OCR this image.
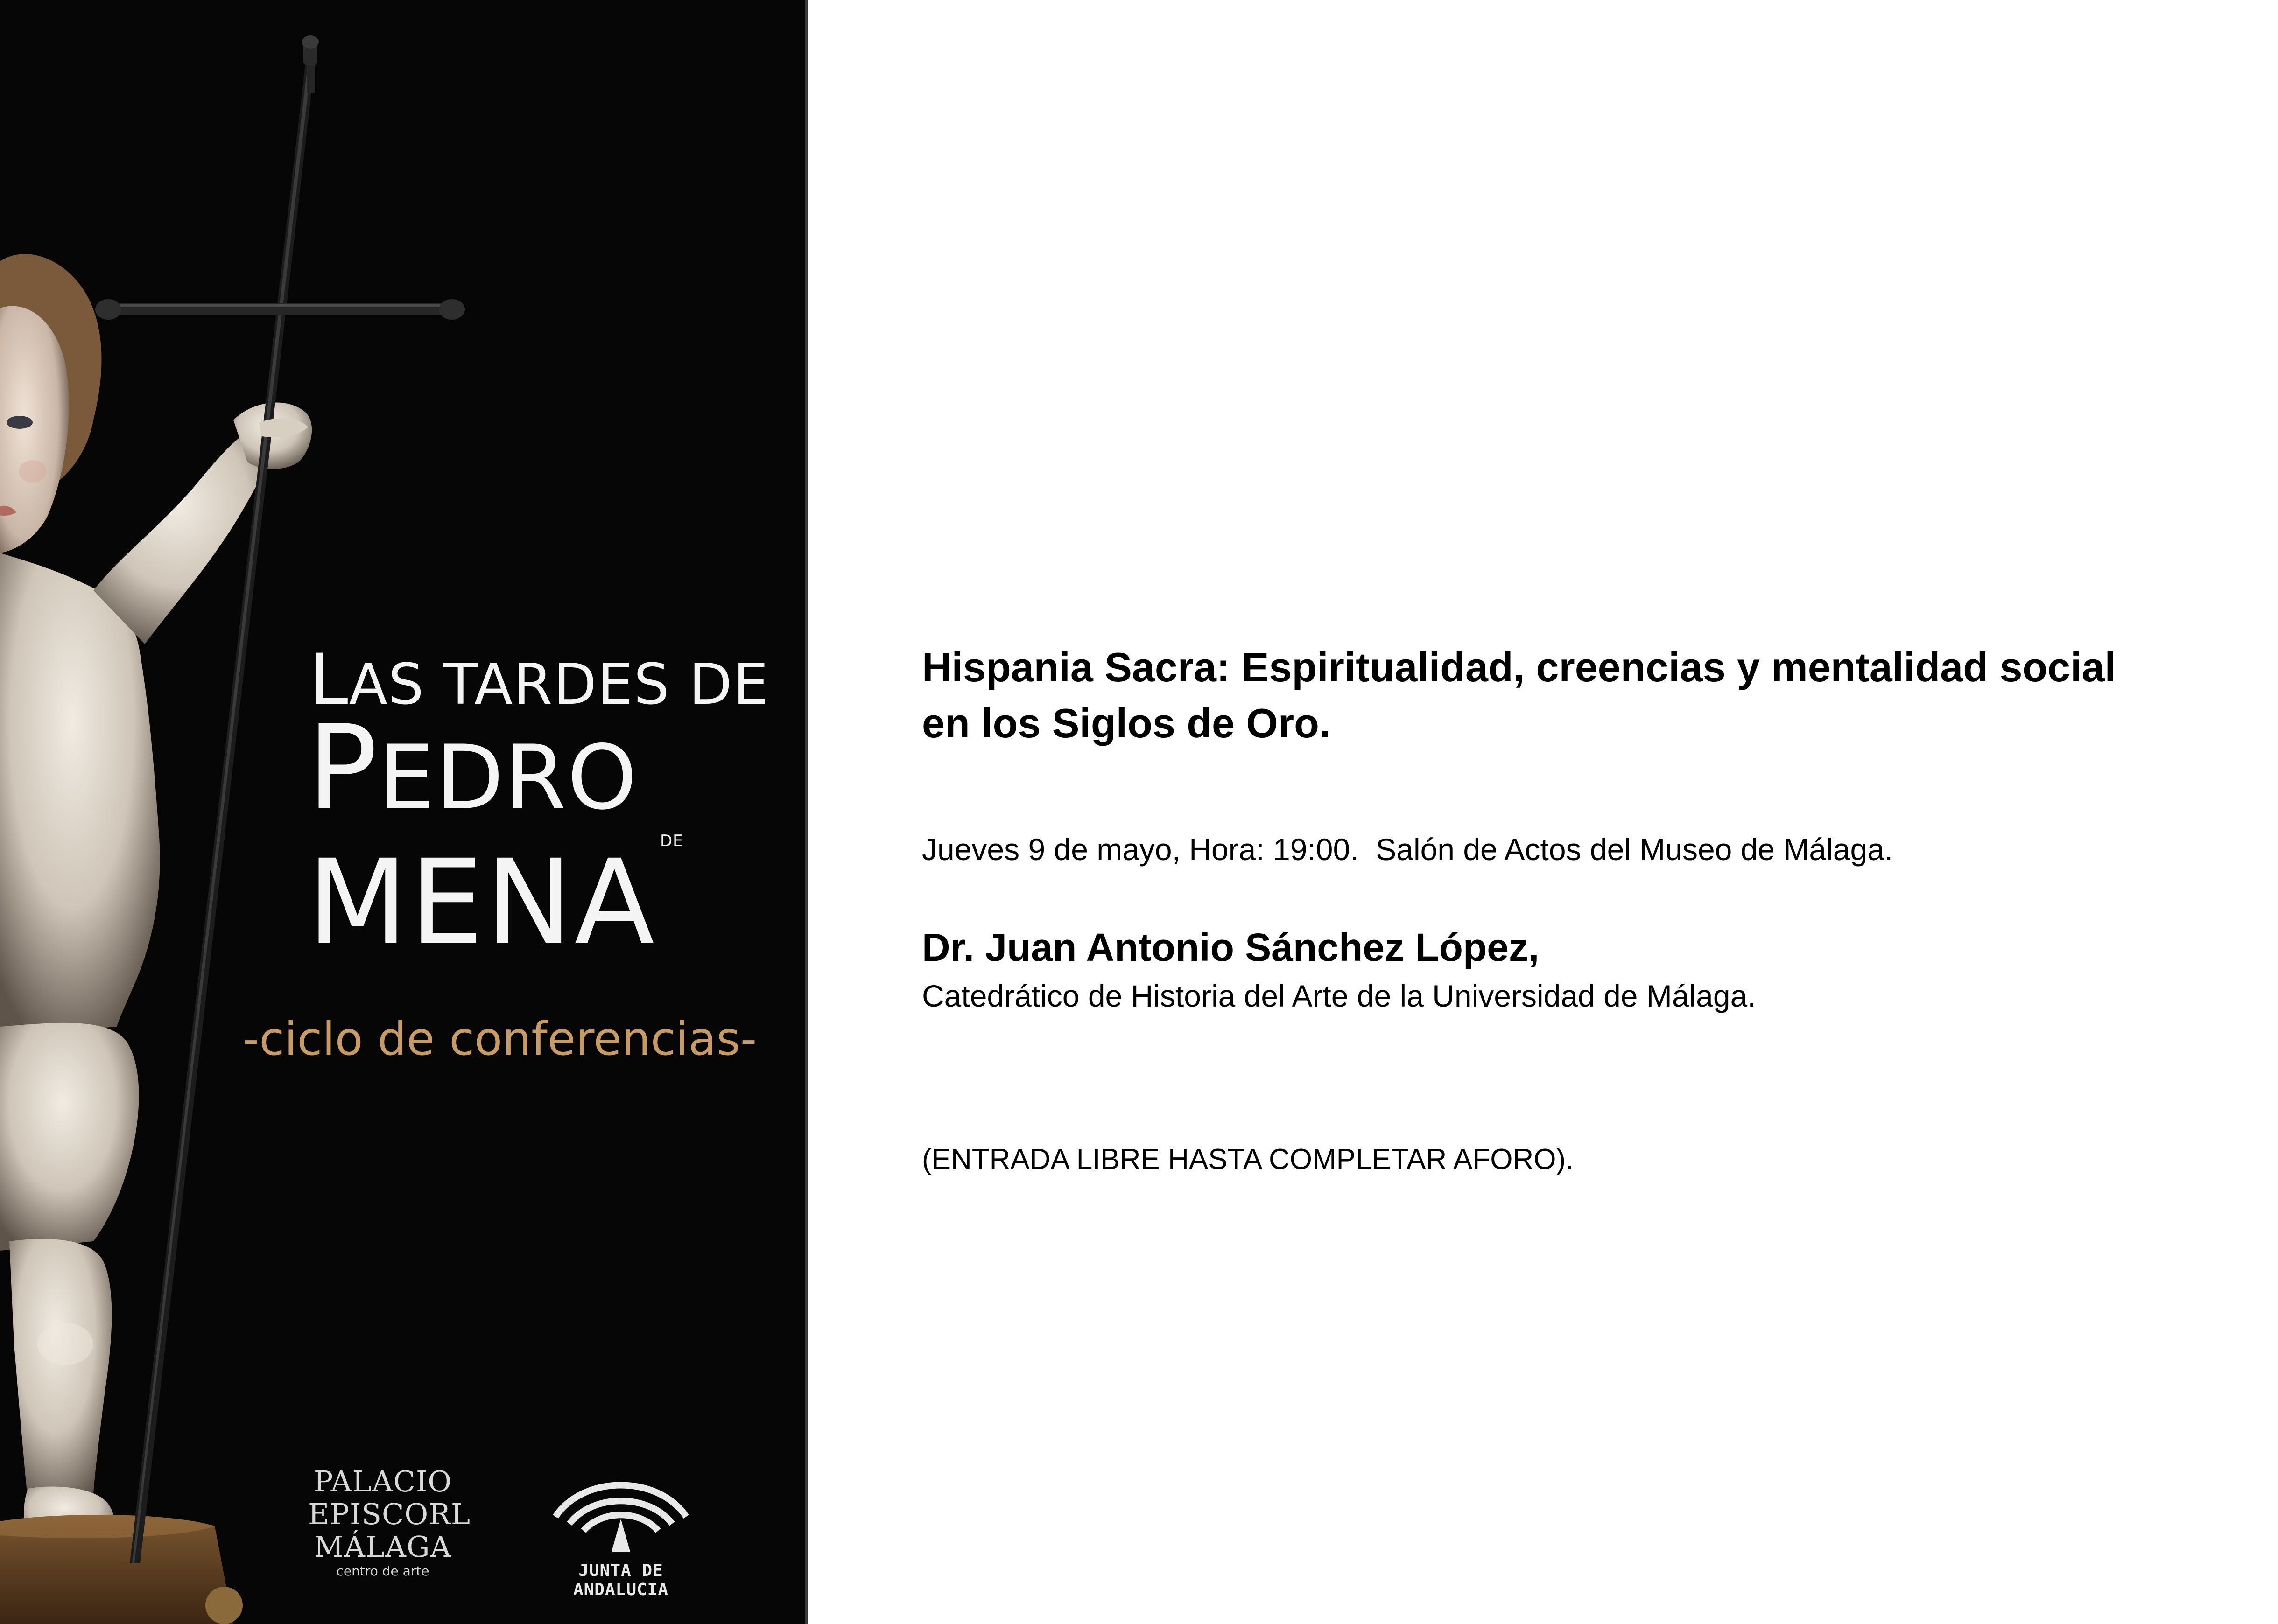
LAS TARDES DE
PEDRO
DE
MENA
-ciclo de conferencias-
PALACIO
EPISCORL
MÁLAGA
centro de arte	JUNTA DE ANDALUCIA
Hispania Sacra: Espiritualidad, creencias y mentalidad social
en los Siglos de Oro.

Jueves 9 de mayo, Hora: 19:00.  Salón de Actos del Museo de Málaga.

Dr. Juan Antonio Sánchez López,

Catedrático de Historia del Arte de la Universidad de Málaga.

(ENTRADA LIBRE HASTA COMPLETAR AFORO).
